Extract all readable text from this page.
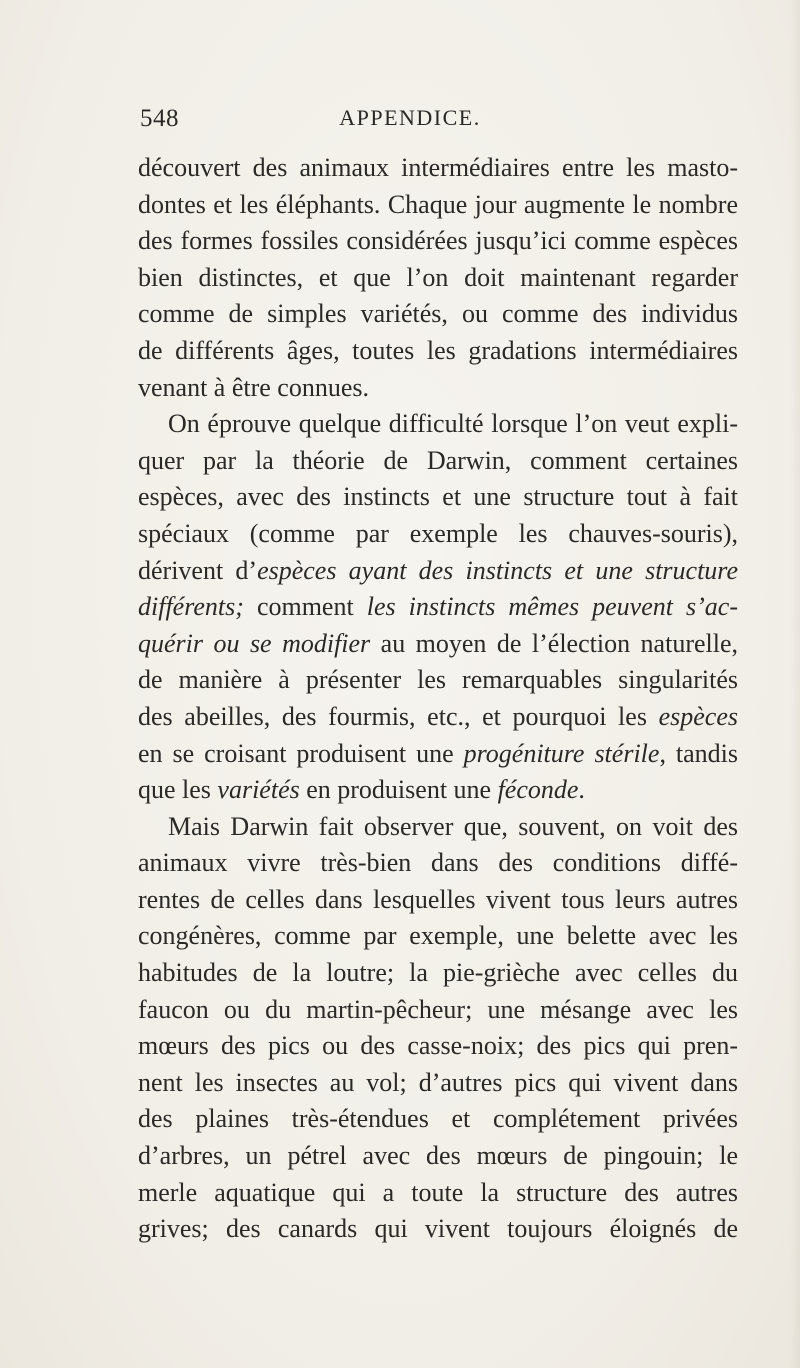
548	APPENDICE.
découvert des animaux intermédiaires entre les masto-
dontes et les éléphants. Chaque jour augmente le nombre
des formes fossiles considérées jusqu’ici comme espèces
bien distinctes, et que l’on doit maintenant regarder
comme de simples variétés, ou comme des individus
de différents âges, toutes les gradations intermédiaires
venant à être connues.
On éprouve quelque difficulté lorsque l’on veut expli-
quer par la théorie de Darwin, comment certaines
espèces, avec des instincts et une structure tout à fait
spéciaux (comme par exemple les chauves-souris),
dérivent d’espèces ayant des instincts et une structure
différents; comment les instincts mêmes peuvent s’ac-
quérir ou se modifier au moyen de l’élection naturelle,
de manière à présenter les remarquables singularités
des abeilles, des fourmis, etc., et pourquoi les espèces
en se croisant produisent une progéniture stérile, tandis
que les variétés en produisent une féconde.
Mais Darwin fait observer que, souvent, on voit des
animaux vivre très-bien dans des conditions diffé-
rentes de celles dans lesquelles vivent tous leurs autres
congénères, comme par exemple, une belette avec les
habitudes de la loutre; la pie-grièche avec celles du
faucon ou du martin-pêcheur; une mésange avec les
mœurs des pics ou des casse-noix; des pics qui pren-
nent les insectes au vol; d’autres pics qui vivent dans
des plaines très-étendues et complétement privées
d’arbres, un pétrel avec des mœurs de pingouin; le
merle aquatique qui a toute la structure des autres
grives; des canards qui vivent toujours éloignés de
